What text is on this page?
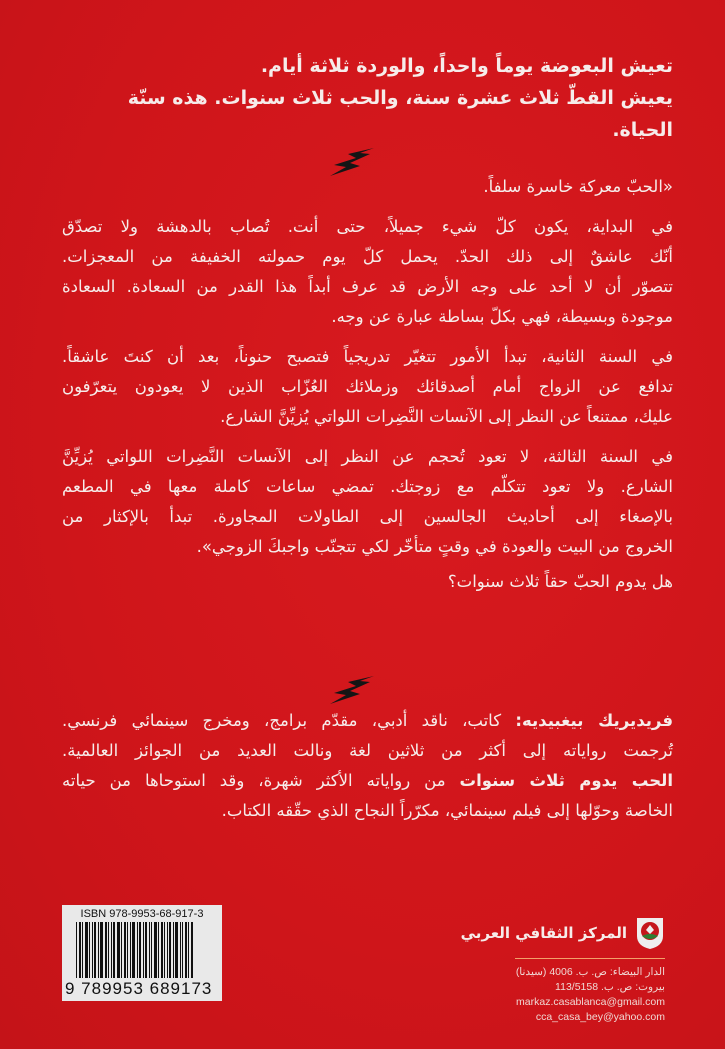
تعيش البعوضة يوماً واحداً، والوردة ثلاثة أيام.
يعيش القطّ ثلاث عشرة سنة، والحب ثلاث سنوات. هذه سنّة الحياة.
«الحبّ معركة خاسرة سلفاً.
في البداية، يكون كلّ شيء جميلاً، حتى أنت. تُصاب بالدهشة ولا تصدّق
أنّك عاشقٌ إلى ذلك الحدّ. يحمل كلّ يوم حمولته الخفيفة من المعجزات.
تتصوّر أن لا أحد على وجه الأرض قد عرف أبداً هذا القدر من السعادة. السعادة
موجودة وبسيطة، فهي بكلّ بساطة عبارة عن وجه.
في السنة الثانية، تبدأ الأمور تتغيّر تدريجياً فتصبح حنوناً، بعد أن كنتَ عاشقاً.
تدافع عن الزواج أمام أصدقائك وزملائك العُزّاب الذين لا يعودون يتعرّفون
عليك، ممتنعاً عن النظر إلى الآنسات النَّضِرات اللواتي يُزيِّنَّ الشارع.
في السنة الثالثة، لا تعود تُحجم عن النظر إلى الآنسات النَّضِرات اللواتي يُزيِّنَّ
الشارع. ولا تعود تتكلّم مع زوجتك. تمضي ساعات كاملة معها في المطعم
بالإصغاء إلى أحاديث الجالسين إلى الطاولات المجاورة. تبدأ بالإكثار من
الخروج من البيت والعودة في وقتٍ متأخّر لكي تتجنّب واجبكَ الزوجي».
هل يدوم الحبّ حقاً ثلاث سنوات؟
فريديريك بيغبيديه: كاتب، ناقد أدبي، مقدّم برامج، ومخرج سينمائي فرنسي.
تُرجمت رواياته إلى أكثر من ثلاثين لغة ونالت العديد من الجوائز العالمية.
الحب يدوم ثلاث سنوات من رواياته الأكثر شهرة، وقد استوحاها من حياته
الخاصة وحوّلها إلى فيلم سينمائي، مكرّراً النجاح الذي حقّقه الكتاب.
ISBN 978-9953-68-917-3
9 789953 689173
المركز الثقافي العربي
الدار البيضاء: ص. ب. 4006 (سيدنا)
بيروت: ص. ب. 113/5158
markaz.casablanca@gmail.com
cca_casa_bey@yahoo.com
